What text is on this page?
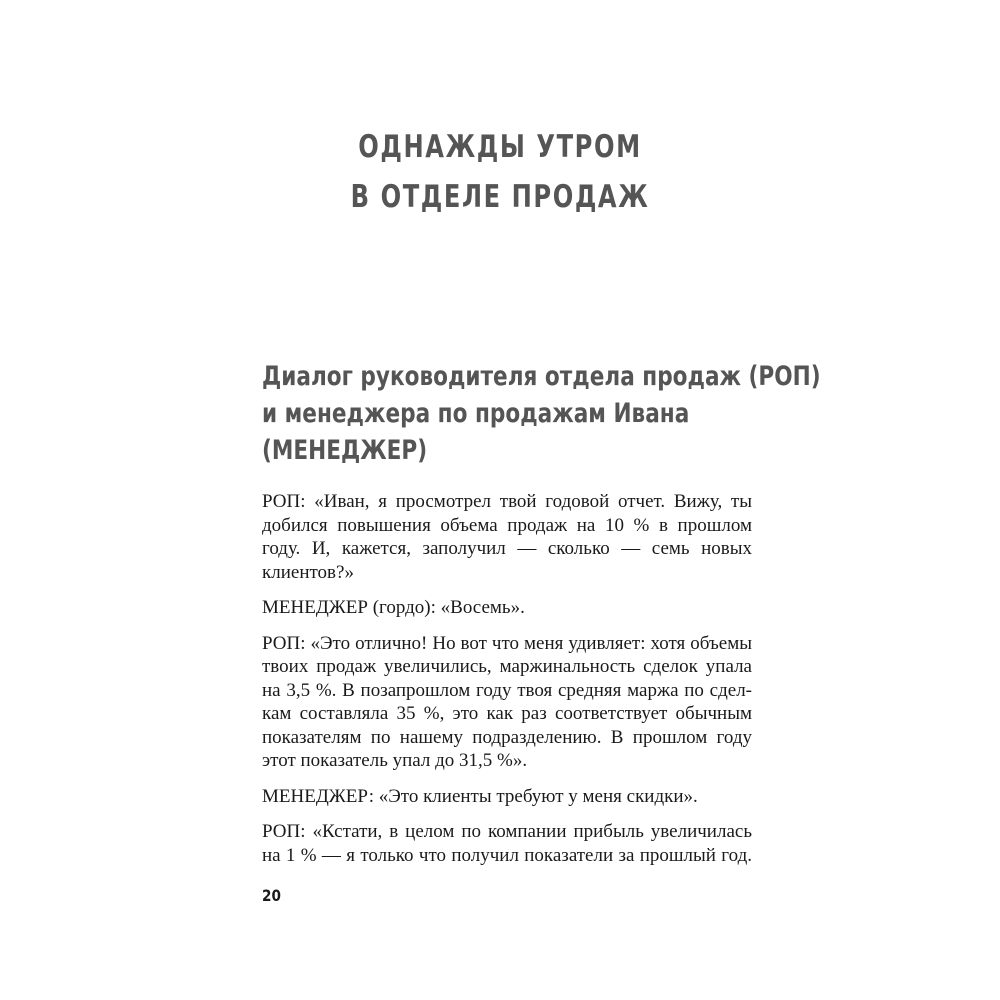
ОДНАЖДЫ УТРОМ
В ОТДЕЛЕ ПРОДАЖ
Диалог руководителя отдела продаж (РОП)
и менеджера по продажам Ивана
(МЕНЕДЖЕР)
РОП: «Иван, я просмотрел твой годовой отчет. Вижу, ты
добился повышения объема продаж на 10 % в прошлом
году. И, кажется, заполучил — сколько — семь новых
клиентов?»
МЕНЕДЖЕР (гордо): «Восемь».
РОП: «Это отлично! Но вот что меня удивляет: хотя объемы
твоих продаж увеличились, маржинальность сделок упала
на 3,5 %. В позапрошлом году твоя средняя маржа по сдел-
кам составляла 35 %, это как раз соответствует обычным
показателям по нашему подразделению. В прошлом году
этот показатель упал до 31,5 %».
МЕНЕДЖЕР: «Это клиенты требуют у меня скидки».
РОП: «Кстати, в целом по компании прибыль увеличилась
на 1 % — я только что получил показатели за прошлый год.
20
